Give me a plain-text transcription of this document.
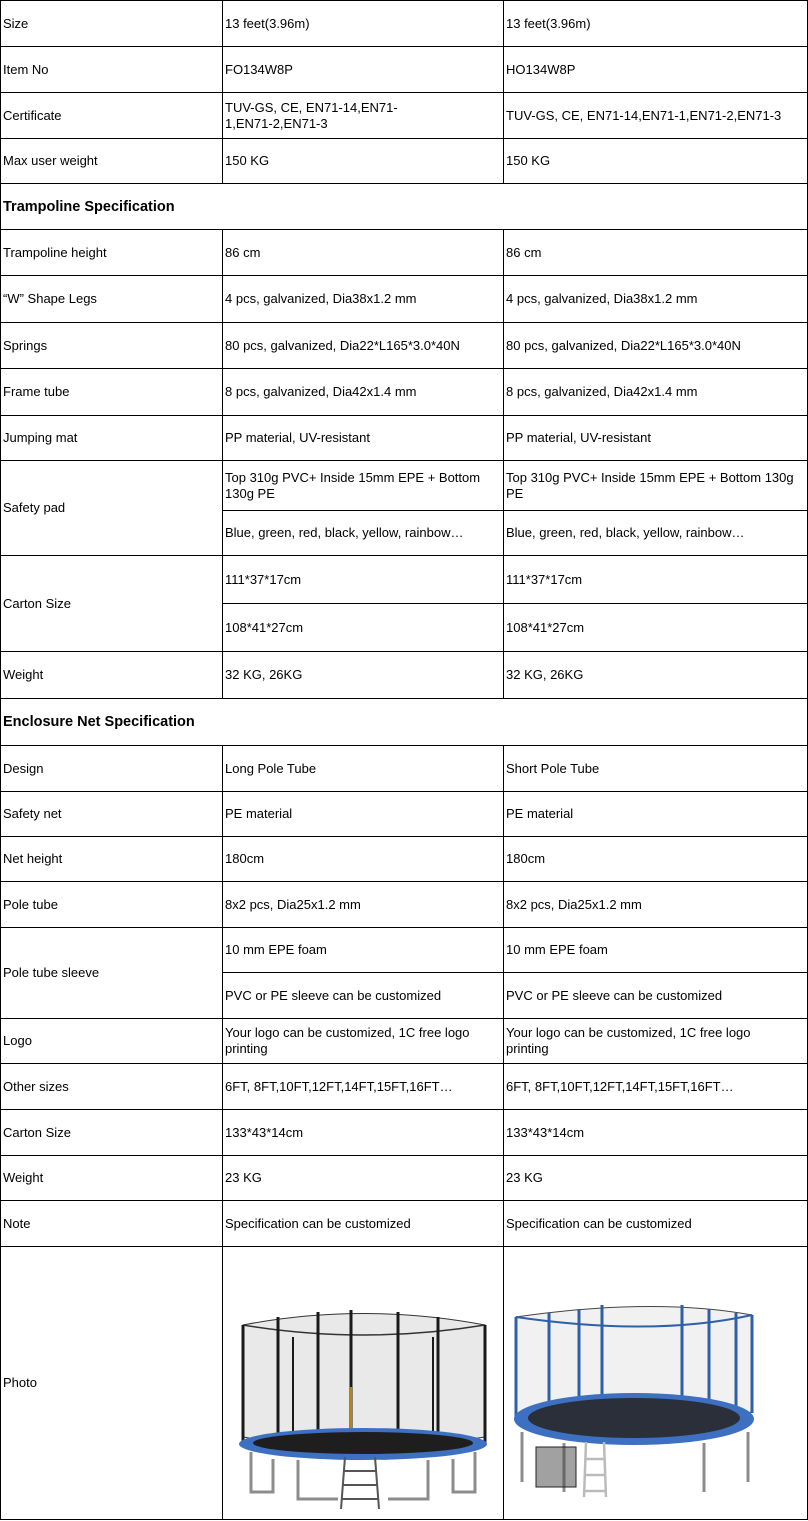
Size	13 feet(3.96m)	13 feet(3.96m)
Item No	FO134W8P	HO134W8P
Certificate	TUV-GS, CE, EN71-14,EN71-1,EN71-2,EN71-3	TUV-GS, CE, EN71-14,EN71-1,EN71-2,EN71-3
Max user weight	150 KG	150 KG
Trampoline Specification		
Trampoline height	86 cm	86 cm
“W” Shape Legs	4 pcs, galvanized, Dia38x1.2 mm	4 pcs, galvanized, Dia38x1.2 mm
Springs	80 pcs, galvanized, Dia22*L165*3.0*40N	80 pcs, galvanized, Dia22*L165*3.0*40N
Frame tube	8 pcs, galvanized, Dia42x1.4 mm	8 pcs, galvanized, Dia42x1.4 mm
Jumping mat	PP material, UV-resistant	PP material, UV-resistant
Safety pad	Top 310g PVC+ Inside 15mm EPE + Bottom 130g PE	Top 310g PVC+ Inside 15mm EPE + Bottom 130g PE
	Blue, green, red, black, yellow, rainbow…	Blue, green, red, black, yellow, rainbow…
Carton Size	111*37*17cm	111*37*17cm
	108*41*27cm	108*41*27cm
Weight	32 KG, 26KG	32 KG, 26KG
Enclosure Net Specification		
Design	Long Pole Tube	Short Pole Tube
Safety net	PE material	PE material
Net height	180cm	180cm
Pole tube	8x2 pcs, Dia25x1.2 mm	8x2 pcs, Dia25x1.2 mm
Pole tube sleeve	10 mm EPE foam	10 mm EPE foam
	PVC or PE sleeve can be customized	PVC or PE sleeve can be customized
Logo	Your logo can be customized, 1C free logo printing	Your logo can be customized, 1C free logo printing
Other sizes	6FT, 8FT,10FT,12FT,14FT,15FT,16FT…	6FT, 8FT,10FT,12FT,14FT,15FT,16FT…
Carton Size	133*43*14cm	133*43*14cm
Weight	23 KG	23 KG
Note	Specification can be customized	Specification can be customized
Photo	
